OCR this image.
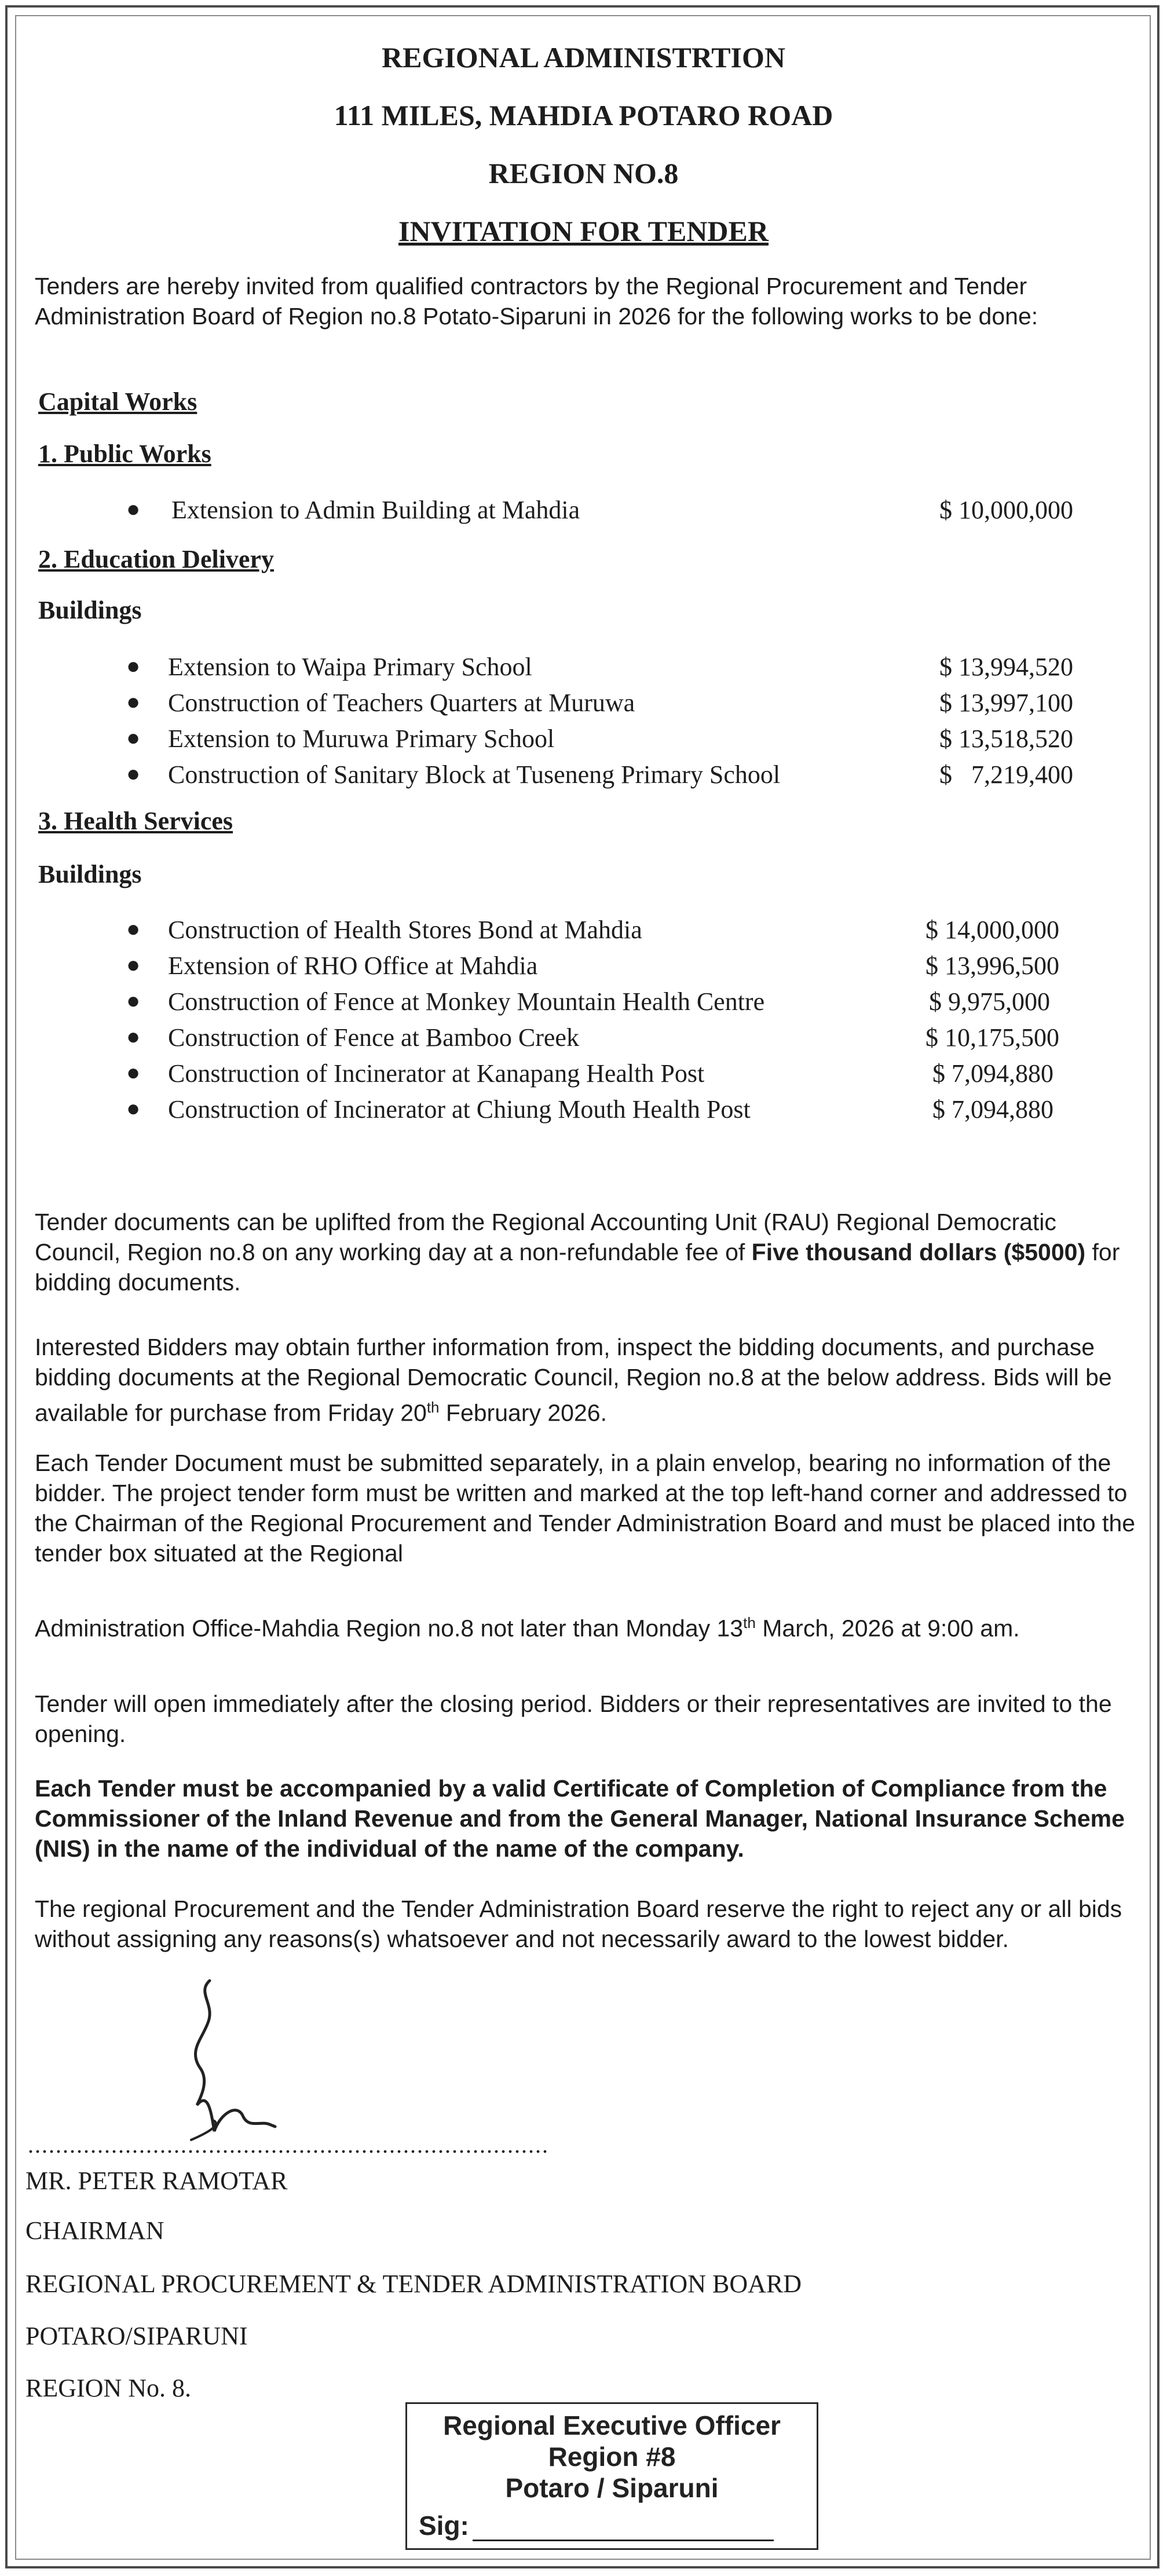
REGIONAL ADMINISTRTION
111 MILES, MAHDIA POTARO ROAD
REGION NO.8
INVITATION FOR TENDER
Tenders are hereby invited from qualified contractors by the Regional Procurement and Tender Administration Board of Region no.8 Potato-Siparuni in 2026 for the following works to be done:
Capital Works
1. Public Works
● Extension to Admin Building at Mahdia	$ 10,000,000
2. Education Delivery
Buildings
● Extension to Waipa Primary School	$ 13,994,520
● Construction of Teachers Quarters at Muruwa	$ 13,997,100
● Extension to Muruwa Primary School	$ 13,518,520
● Construction of Sanitary Block at Tuseneng Primary School	$   7,219,400
3. Health Services
Buildings
● Construction of Health Stores Bond at Mahdia	$ 14,000,000
● Extension of RHO Office at Mahdia	$ 13,996,500
● Construction of Fence at Monkey Mountain Health Centre	$ 9,975,000
● Construction of Fence at Bamboo Creek	$ 10,175,500
● Construction of Incinerator at Kanapang Health Post	$ 7,094,880
● Construction of Incinerator at Chiung Mouth Health Post	$ 7,094,880
Tender documents can be uplifted from the Regional Accounting Unit (RAU) Regional Democratic Council, Region no.8 on any working day at a non-refundable fee of Five thousand dollars ($5000) for bidding documents.
Interested Bidders may obtain further information from, inspect the bidding documents, and purchase bidding documents at the Regional Democratic Council, Region no.8 at the below address. Bids will be available for purchase from Friday 20th February 2026.
Each Tender Document must be submitted separately, in a plain envelop, bearing no information of the bidder. The project tender form must be written and marked at the top left-hand corner and addressed to the Chairman of the Regional Procurement and Tender Administration Board and must be placed into the tender box situated at the Regional
Administration Office-Mahdia Region no.8 not later than Monday 13th March, 2026 at 9:00 am.
Tender will open immediately after the closing period. Bidders or their representatives are invited to the opening.
Each Tender must be accompanied by a valid Certificate of Completion of Compliance from the Commissioner of the Inland Revenue and from the General Manager, National Insurance Scheme (NIS) in the name of the individual of the name of the company.
The regional Procurement and the Tender Administration Board reserve the right to reject any or all bids without assigning any reasons(s) whatsoever and not necessarily award to the lowest bidder.
...........................................................................
MR. PETER RAMOTAR
CHAIRMAN
REGIONAL PROCUREMENT & TENDER ADMINISTRATION BOARD
POTARO/SIPARUNI
REGION No. 8.
Regional Executive Officer
Region #8
Potaro / Siparuni
Sig:
